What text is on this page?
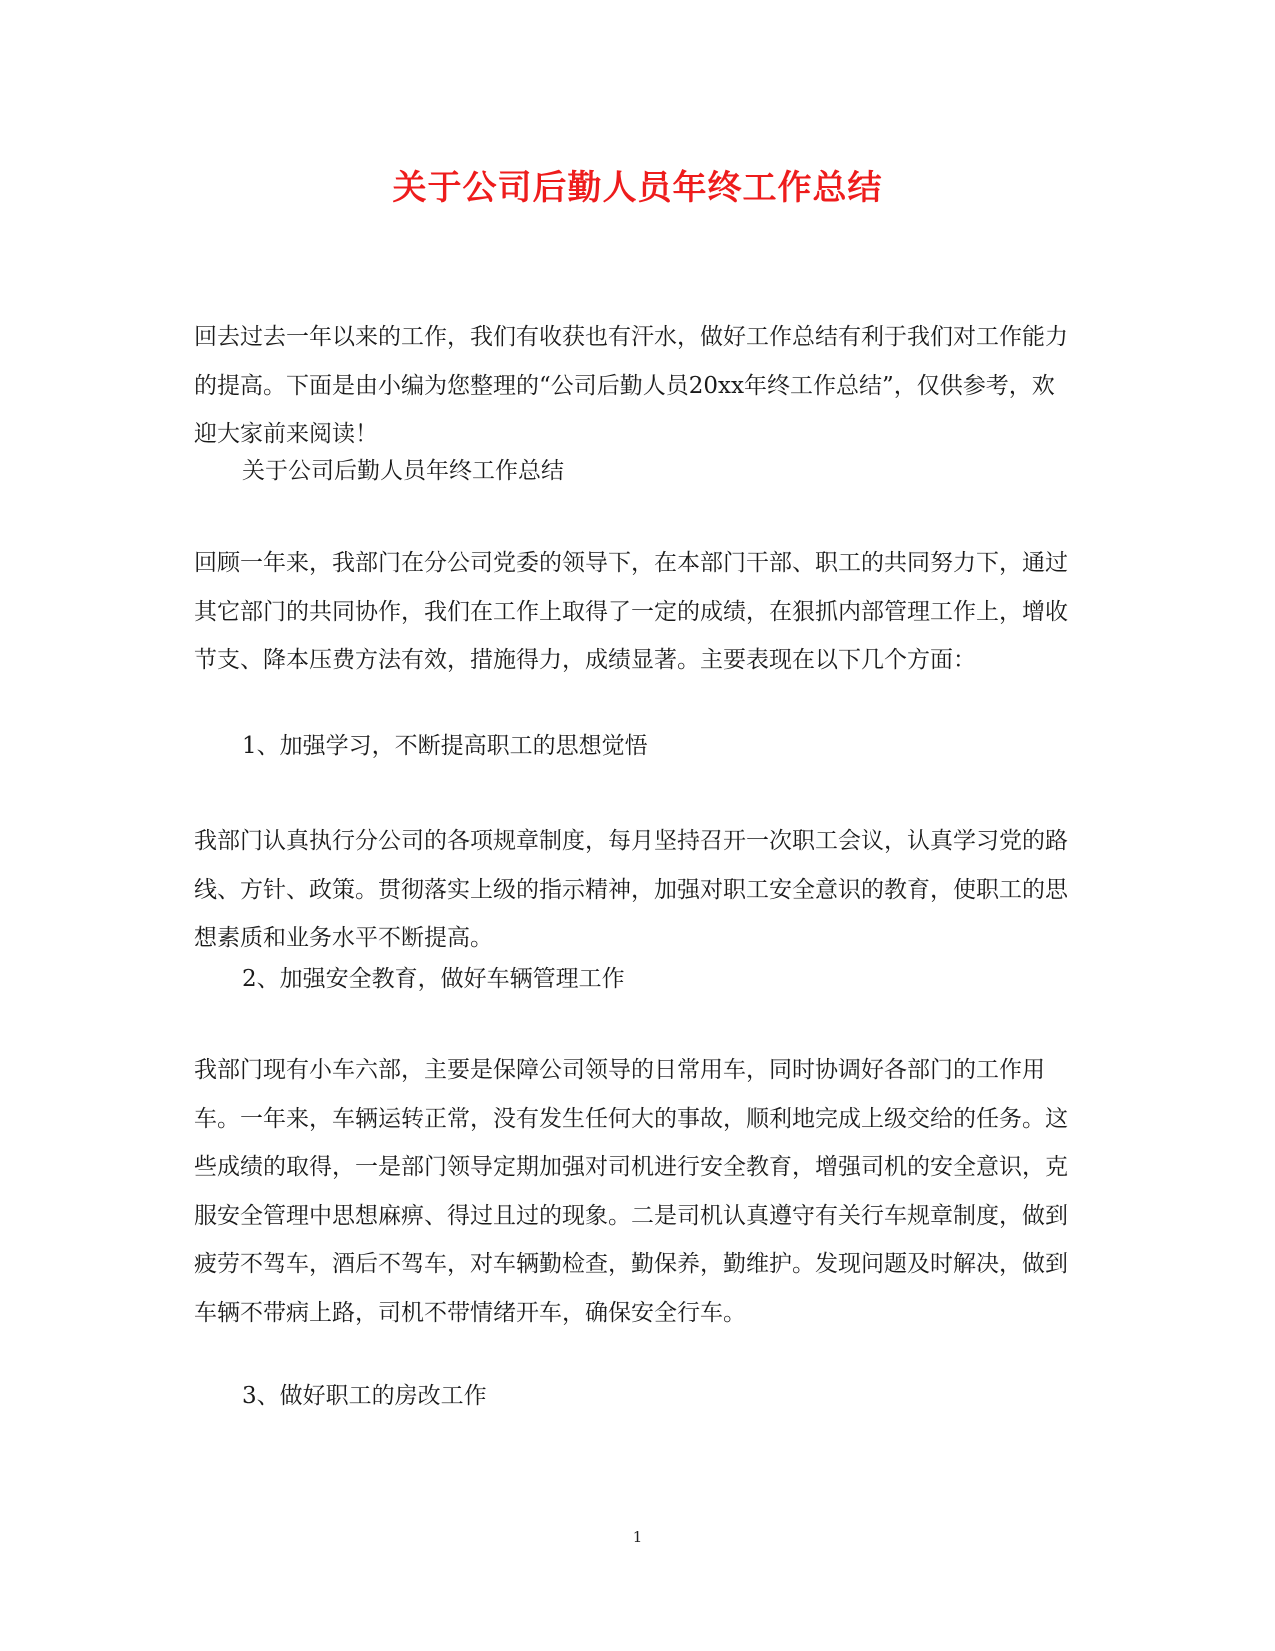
关于公司后勤人员年终工作总结

回去过去一年以来的工作，我们有收获也有汗水，做好工作总结有利于我们对工作能力的提高。下面是由小编为您整理的“公司后勤人员20xx年终工作总结”，仅供参考，欢迎大家前来阅读！

关于公司后勤人员年终工作总结

回顾一年来，我部门在分公司党委的领导下，在本部门干部、职工的共同努力下，通过其它部门的共同协作，我们在工作上取得了一定的成绩，在狠抓内部管理工作上，增收节支、降本压费方法有效，措施得力，成绩显著。主要表现在以下几个方面：

1、加强学习，不断提高职工的思想觉悟

我部门认真执行分公司的各项规章制度，每月坚持召开一次职工会议，认真学习党的路线、方针、政策。贯彻落实上级的指示精神，加强对职工安全意识的教育，使职工的思想素质和业务水平不断提高。

2、加强安全教育，做好车辆管理工作

我部门现有小车六部，主要是保障公司领导的日常用车，同时协调好各部门的工作用车。一年来，车辆运转正常，没有发生任何大的事故，顺利地完成上级交给的任务。这些成绩的取得，一是部门领导定期加强对司机进行安全教育，增强司机的安全意识，克服安全管理中思想麻痹、得过且过的现象。二是司机认真遵守有关行车规章制度，做到疲劳不驾车，酒后不驾车，对车辆勤检查，勤保养，勤维护。发现问题及时解决，做到车辆不带病上路，司机不带情绪开车，确保安全行车。

3、做好职工的房改工作

1
